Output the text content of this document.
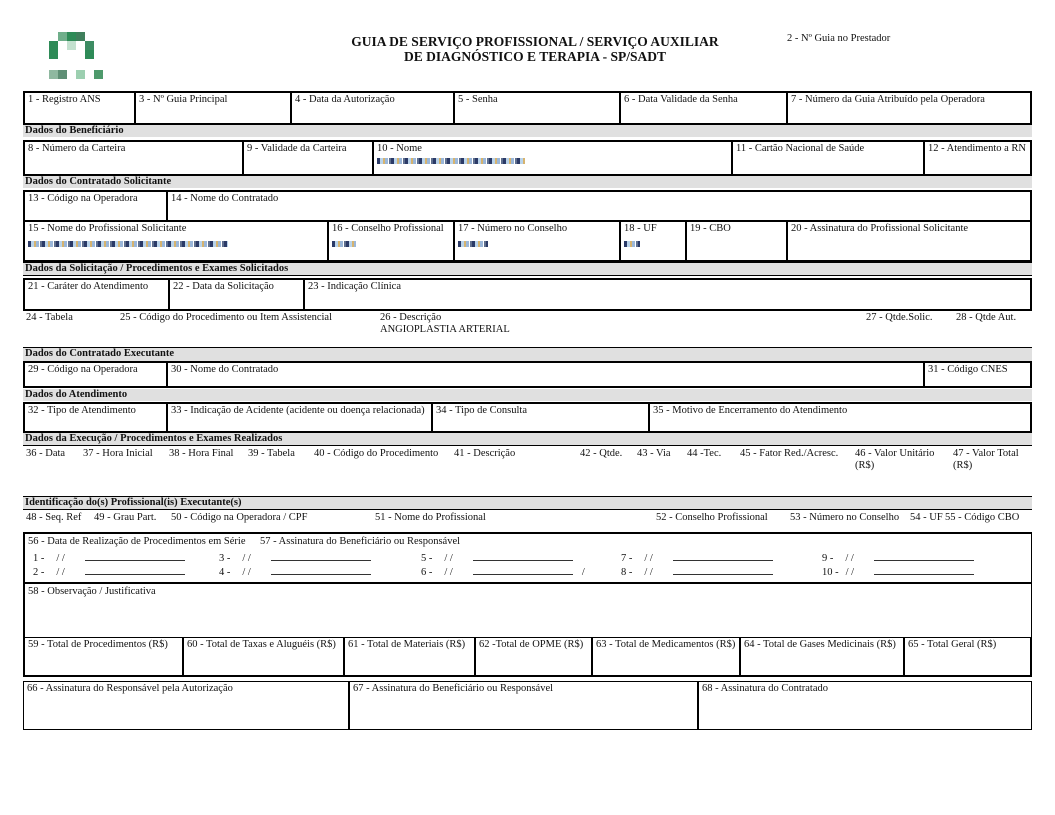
GUIA DE SERVIÇO PROFISSIONAL / SERVIÇO AUXILIAR
DE DIAGNÓSTICO E TERAPIA - SP/SADT
2 - Nº Guia no Prestador
1 - Registro ANS	3 - Nº Guia Principal	4 - Data da Autorização	5 - Senha	6 - Data Validade da Senha	7 - Número da Guia Atribuído pela Operadora
Dados do Beneficiário
8 - Número da Carteira	9 - Validade da Carteira	10 - Nome	11 - Cartão Nacional de Saúde	12 - Atendimento a RN
Dados do Contratado Solicitante
13 - Código na Operadora	14 - Nome do Contratado
15 - Nome do Profissional Solicitante	16 - Conselho Profissional	17 - Número no Conselho	18 - UF	19 - CBO	20 - Assinatura do Profissional Solicitante
Dados da Solicitação / Procedimentos e Exames Solicitados
21 - Caráter do Atendimento	22 - Data da Solicitação	23 - Indicação Clínica
24 - Tabela	25 - Código do Procedimento ou Item Assistencial	26 - Descrição
ANGIOPLASTIA ARTERIAL
27 - Qtde.Solic. 28 - Qtde Aut.
Dados do Contratado Executante
29 - Código na Operadora	30 - Nome do Contratado	31 - Código CNES
Dados do Atendimento
32 - Tipo de Atendimento	33 - Indicação de Acidente (acidente ou doença relacionada)	34 - Tipo de Consulta	35 - Motivo de Encerramento do Atendimento
Dados da Execução / Procedimentos e Exames Realizados
36 - Data 37 - Hora Inicial 38 - Hora Final 39 - Tabela 40 - Código do Procedimento 41 - Descrição	42 - Qtde. 43 - Via 44 -Tec. 45 - Fator Red./Acresc. 46 - Valor Unitário
(R$)
47 - Valor Total
(R$)
Identificação do(s) Profissional(is) Executante(s)
48 - Seq. Ref 49 - Grau Part. 50 - Código na Operadora / CPF	51 - Nome do Profissional	52 - Conselho Profissional 53 - Número no Conselho 54 - UF 55 - Código CBO
56 - Data de Realização de Procedimentos em Série 57 - Assinatura do Beneficiário ou Responsável
1 - / /
2 - / /
3 - / /
4 - / /
5 - / /
6 - / /	/
7 - / /
8 - / /
9 - / /
10 - / /
58 - Observação / Justificativa
59 - Total de Procedimentos (R$)	60 - Total de Taxas e Aluguéis (R$)	61 - Total de Materiais (R$)	62 -Total de OPME (R$)	63 - Total de Medicamentos (R$) 64 - Total de Gases Medicinais (R$)	65 - Total Geral (R$)
66 - Assinatura do Responsável pela Autorização	67 - Assinatura do Beneficiário ou Responsável	68 - Assinatura do Contratado
